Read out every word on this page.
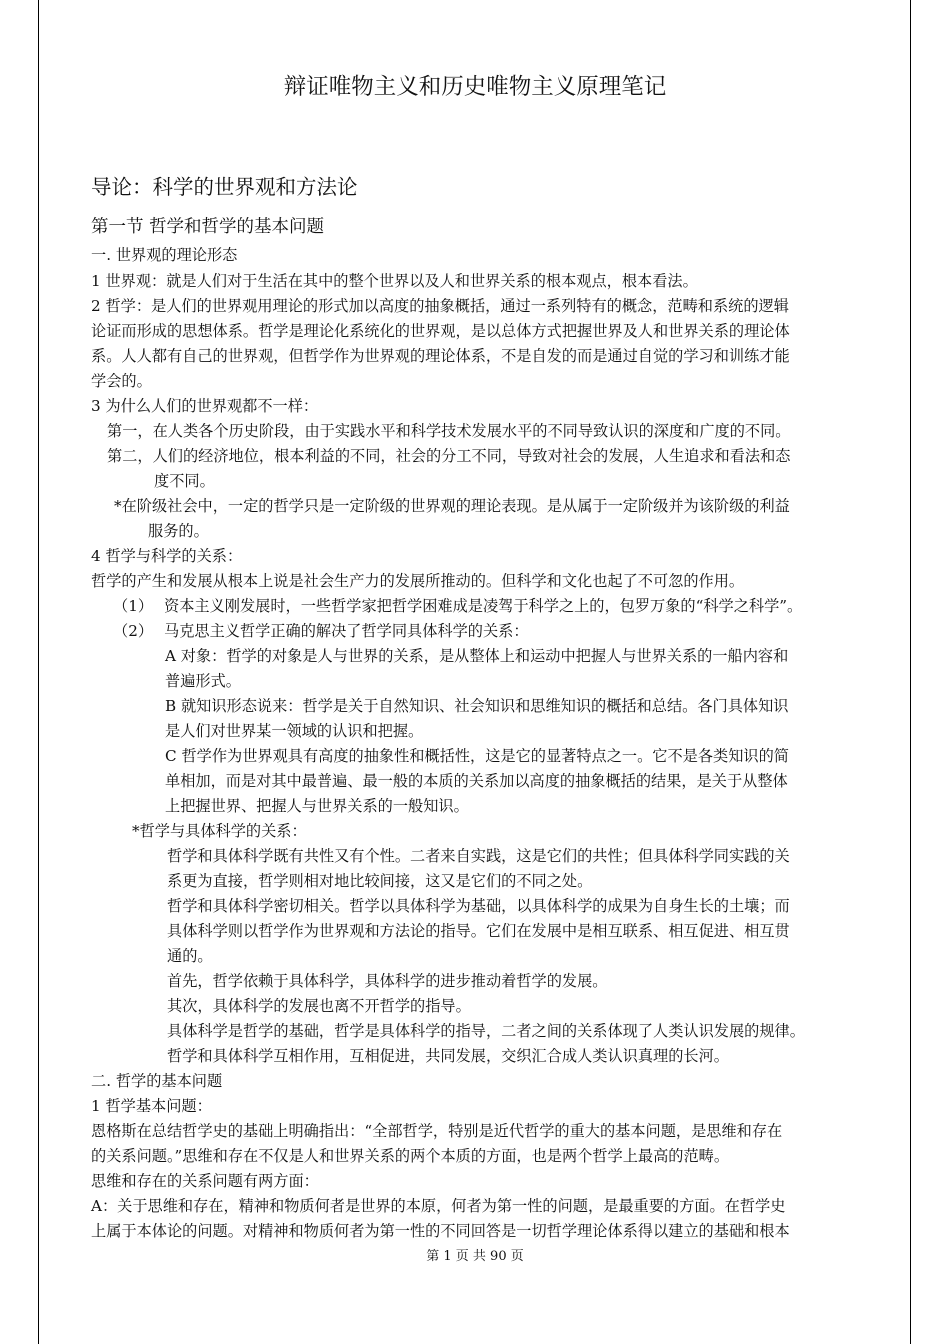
辩证唯物主义和历史唯物主义原理笔记
导论：科学的世界观和方法论
第一节 哲学和哲学的基本问题
一. 世界观的理论形态
1 世界观：就是人们对于生活在其中的整个世界以及人和世界关系的根本观点，根本看法。
2 哲学：是人们的世界观用理论的形式加以高度的抽象概括，通过一系列特有的概念，范畴和系统的逻辑
论证而形成的思想体系。哲学是理论化系统化的世界观，是以总体方式把握世界及人和世界关系的理论体
系。人人都有自己的世界观，但哲学作为世界观的理论体系，不是自发的而是通过自觉的学习和训练才能
学会的。
3 为什么人们的世界观都不一样：
第一，在人类各个历史阶段，由于实践水平和科学技术发展水平的不同导致认识的深度和广度的不同。
第二，人们的经济地位，根本利益的不同，社会的分工不同，导致对社会的发展，人生追求和看法和态
度不同。
*在阶级社会中，一定的哲学只是一定阶级的世界观的理论表现。是从属于一定阶级并为该阶级的利益
服务的。
4 哲学与科学的关系：
哲学的产生和发展从根本上说是社会生产力的发展所推动的。但科学和文化也起了不可忽的作用。
（1） 资本主义刚发展时，一些哲学家把哲学困难成是凌驾于科学之上的，包罗万象的“科学之科学”。
（2） 马克思主义哲学正确的解决了哲学同具体科学的关系：
A 对象：哲学的对象是人与世界的关系，是从整体上和运动中把握人与世界关系的一船内容和
普遍形式。
B 就知识形态说来：哲学是关于自然知识、社会知识和思维知识的概括和总结。各门具体知识
是人们对世界某一领域的认识和把握。
C 哲学作为世界观具有高度的抽象性和概括性，这是它的显著特点之一。它不是各类知识的简
单相加，而是对其中最普遍、最一般的本质的关系加以高度的抽象概括的结果，是关于从整体
上把握世界、把握人与世界关系的一般知识。
*哲学与具体科学的关系：
哲学和具体科学既有共性又有个性。二者来自实践，这是它们的共性；但具体科学同实践的关
系更为直接，哲学则相对地比较间接，这又是它们的不同之处。
哲学和具体科学密切相关。哲学以具体科学为基础，以具体科学的成果为自身生长的土壤；而
具体科学则以哲学作为世界观和方法论的指导。它们在发展中是相互联系、相互促进、相互贯
通的。
首先，哲学依赖于具体科学，具体科学的进步推动着哲学的发展。
其次，具体科学的发展也离不开哲学的指导。
具体科学是哲学的基础，哲学是具体科学的指导，二者之间的关系体现了人类认识发展的规律。
哲学和具体科学互相作用，互相促进，共同发展，交织汇合成人类认识真理的长河。
二. 哲学的基本问题
1 哲学基本问题：
恩格斯在总结哲学史的基础上明确指出：“全部哲学，特别是近代哲学的重大的基本问题，是思维和存在
的关系问题。”思维和存在不仅是人和世界关系的两个本质的方面，也是两个哲学上最高的范畴。
思维和存在的关系问题有两方面：
A：关于思维和存在，精神和物质何者是世界的本原，何者为第一性的问题，是最重要的方面。在哲学史
上属于本体论的问题。对精神和物质何者为第一性的不同回答是一切哲学理论体系得以建立的基础和根本
第 1 页 共 90 页
